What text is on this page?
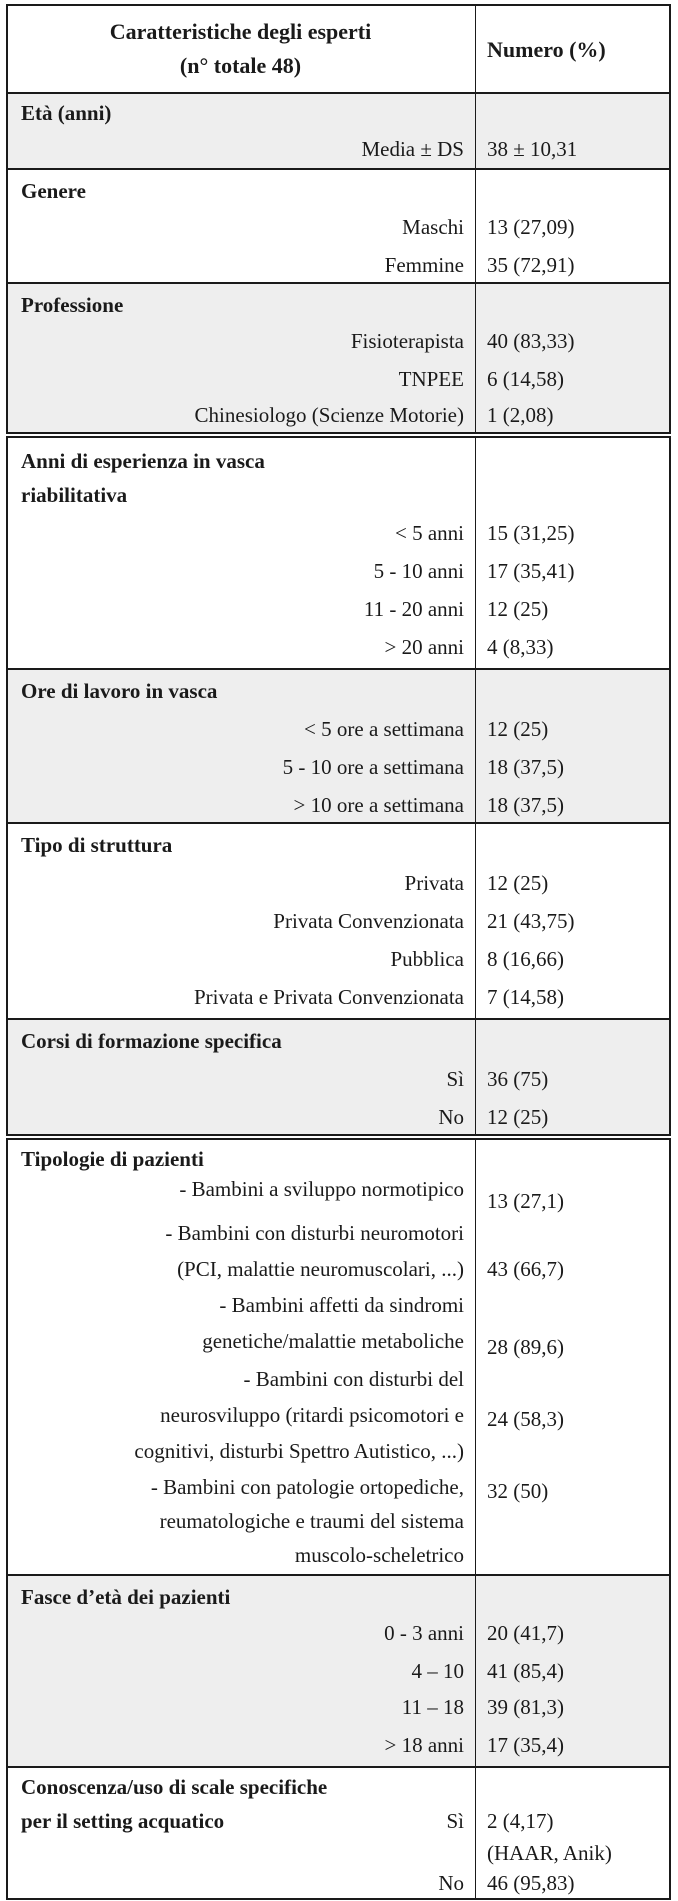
Caratteristiche degli esperti
(n° totale 48)
Numero (%)
Età (anni)
Media ± DS 38 ± 10,31
Genere
Maschi 13 (27,09)
Femmine 35 (72,91)
Professione
Fisioterapista 40 (83,33)
TNPEE 6 (14,58)
Chinesiologo (Scienze Motorie) 1 (2,08)
Anni di esperienza in vasca
riabilitativa
< 5 anni 15 (31,25)
5 - 10 anni 17 (35,41)
11 - 20 anni 12 (25)
> 20 anni 4 (8,33)
Ore di lavoro in vasca
< 5 ore a settimana 12 (25)
5 - 10 ore a settimana 18 (37,5)
> 10 ore a settimana 18 (37,5)
Tipo di struttura
Privata 12 (25)
Privata Convenzionata 21 (43,75)
Pubblica 8 (16,66)
Privata e Privata Convenzionata 7 (14,58)
Corsi di formazione specifica
Sì 36 (75)
No 12 (25)
Tipologie di pazienti
- Bambini a sviluppo normotipico 13 (27,1)
- Bambini con disturbi neuromotori
(PCI, malattie neuromuscolari, ...) 43 (66,7)
- Bambini affetti da sindromi
genetiche/malattie metaboliche 28 (89,6)
- Bambini con disturbi del
neurosviluppo (ritardi psicomotori e
cognitivi, disturbi Spettro Autistico, ...)
24 (58,3)
- Bambini con patologie ortopediche,
reumatologiche e traumi del sistema
muscolo-scheletrico
32 (50)
Fasce d’età dei pazienti
0 - 3 anni 20 (41,7)
4 – 10 41 (85,4)
11 – 18 39 (81,3)
> 18 anni 17 (35,4)
Conoscenza/uso di scale specifiche
per il setting acquatico	Sì 2 (4,17)
(HAAR, Anik)
No 46 (95,83)
